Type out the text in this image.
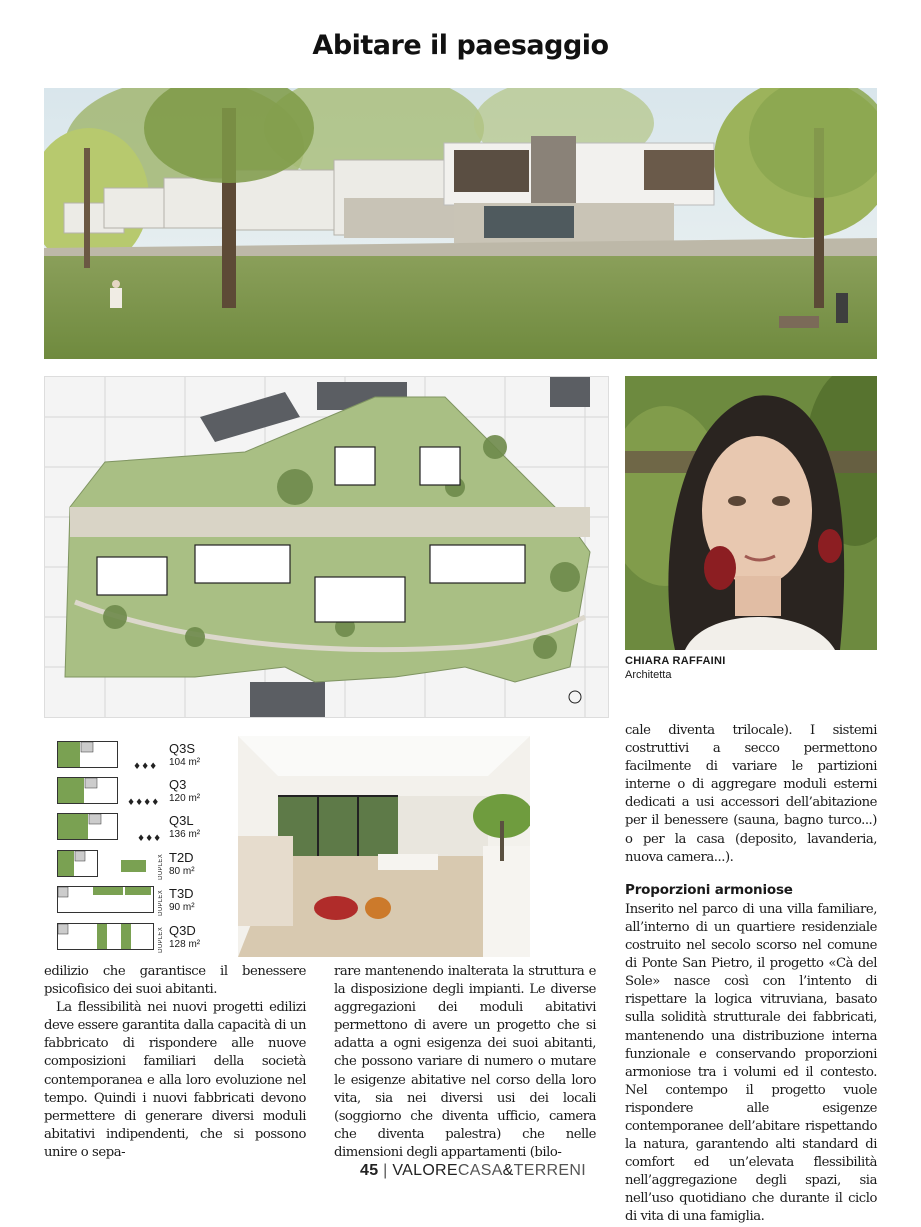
Abitare il paesaggio
CHIARA RAFFAINI
Architetta
♦♦♦
Q3S
104 m²
♦♦♦♦
Q3
120 m²
♦♦♦
Q3L
136 m²
DUPLEX T2D
80 m²
DUPLEX T3D
90 m²
DUPLEX Q3D
128 m²

edilizio che garantisce il benessere psicofisico dei suoi abitanti.

La flessibilità nei nuovi progetti edilizi deve essere garantita dalla capacità di un fabbricato di rispondere alle nuove composizioni familiari della società contemporanea e alla loro evoluzione nel tempo. Quindi i nuovi fabbricati devono permettere di generare diversi moduli abitativi indipendenti, che si possono unire o sepa-

rare mantenendo inalterata la struttura e la disposizione degli impianti. Le diverse aggregazioni dei moduli abitativi permettono di avere un progetto che si adatta a ogni esigenza dei suoi abitanti, che possono variare di numero o mutare le esigenze abitative nel corso della loro vita, sia nei diversi usi dei locali (soggiorno che diventa ufficio, camera che diventa palestra) che nelle dimensioni degli appartamenti (bilo-

cale diventa trilocale). I sistemi costruttivi a secco permettono facilmente di variare le partizioni interne o di aggregare moduli esterni dedicati a usi accessori dell’abitazione per il benessere (sauna, bagno turco...) o per la casa (deposito, lavanderia, nuova camera...).

Proporzioni armoniose

Inserito nel parco di una villa familiare, all’interno di un quartiere residenziale costruito nel secolo scorso nel comune di Ponte San Pietro, il progetto «Cà del Sole» nasce così con l’intento di rispettare la logica vitruviana, basato sulla solidità strutturale dei fabbricati, mantenendo una distribuzione interna funzionale e conservando proporzioni armoniose tra i volumi ed il contesto. Nel contempo il progetto vuole rispondere alle esigenze contemporanee dell’abitare rispettando la natura, garantendo alti standard di comfort ed un’elevata flessibilità nell’aggregazione degli spazi, sia nell’uso quotidiano che durante il ciclo di vita di una famiglia.

45 | VALORECASA&TERRENI
